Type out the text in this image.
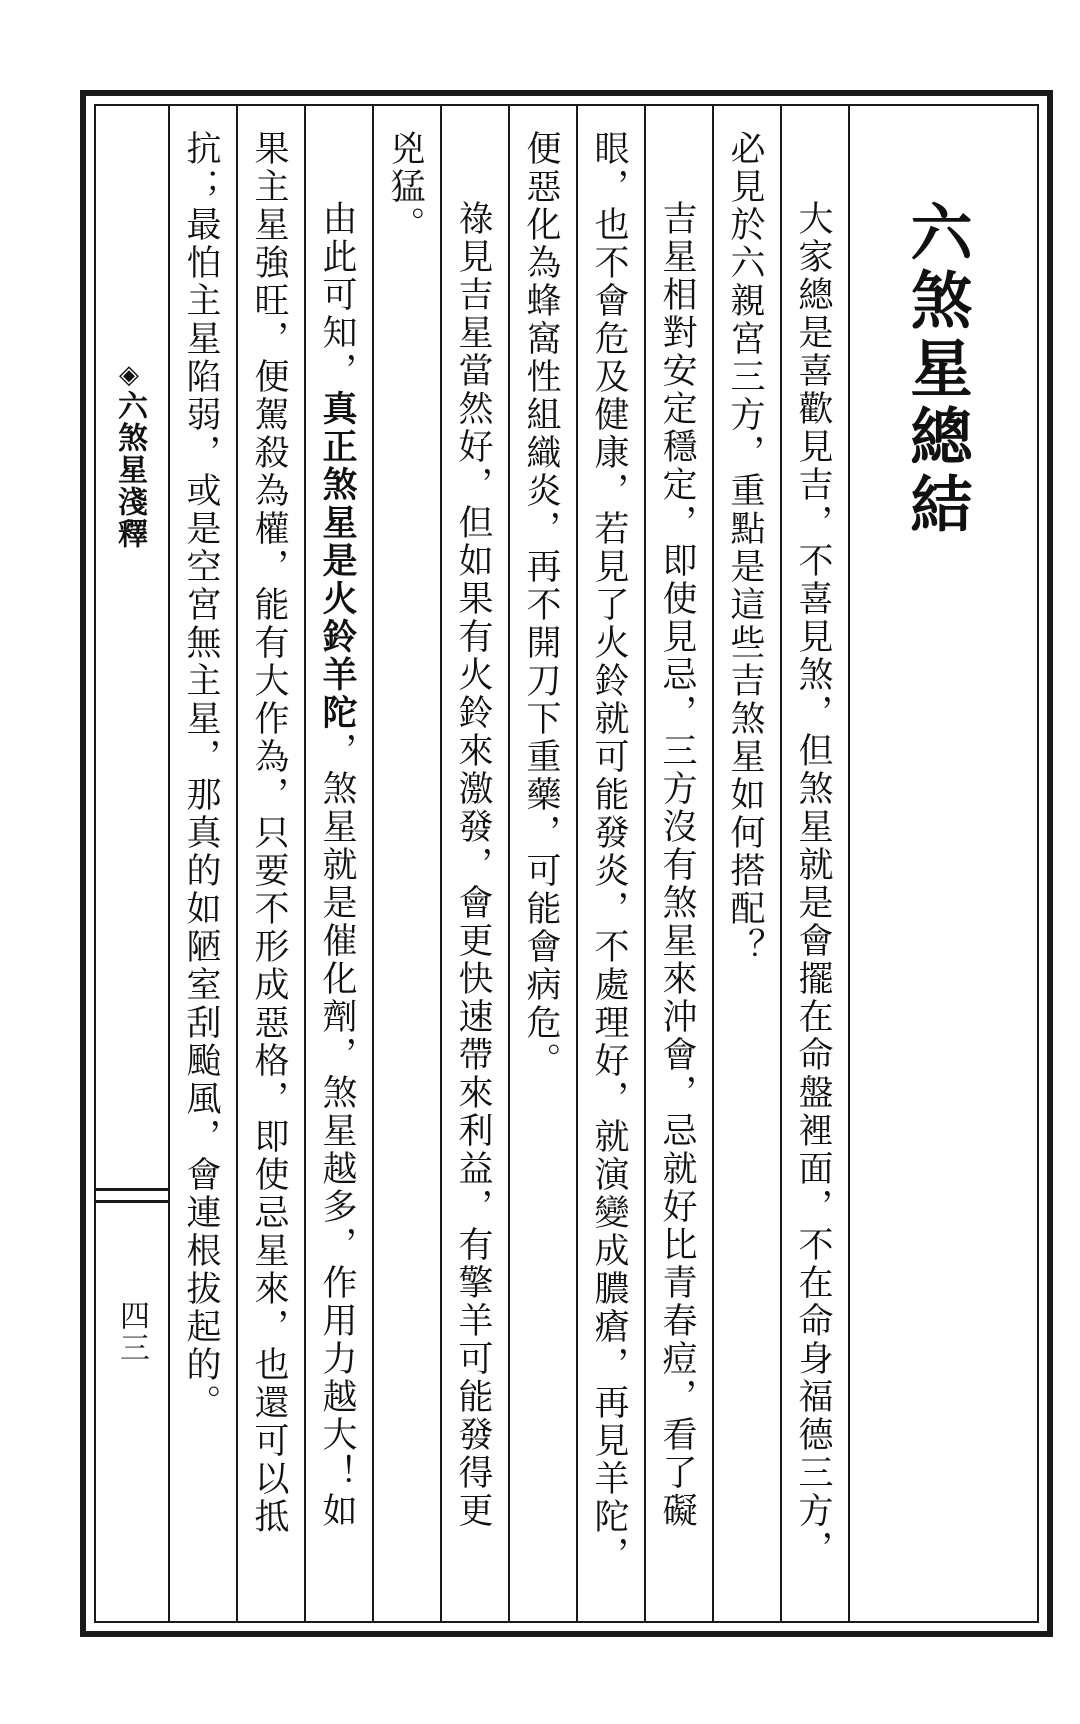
六煞星總結
大家總是喜歡見吉，不喜見煞，但煞星就是會擺在命盤裡面，不在命身福德三方，
必見於六親宮三方，重點是這些吉煞星如何搭配？
吉星相對安定穩定，即使見忌，三方沒有煞星來沖會，忌就好比青春痘，看了礙
眼，也不會危及健康，若見了火鈴就可能發炎，不處理好，就演變成膿瘡，再見羊陀，
便惡化為蜂窩性組織炎，再不開刀下重藥，可能會病危。
祿見吉星當然好，但如果有火鈴來激發，會更快速帶來利益，有擎羊可能發得更
兇猛。
由此可知，真正煞星是火鈴羊陀，煞星就是催化劑，煞星越多，作用力越大！如
果主星強旺，便駕殺為權，能有大作為，只要不形成惡格，即使忌星來，也還可以抵
抗；最怕主星陷弱，或是空宮無主星，那真的如陋室刮颱風，會連根拔起的。
◈六煞星淺釋
四三
